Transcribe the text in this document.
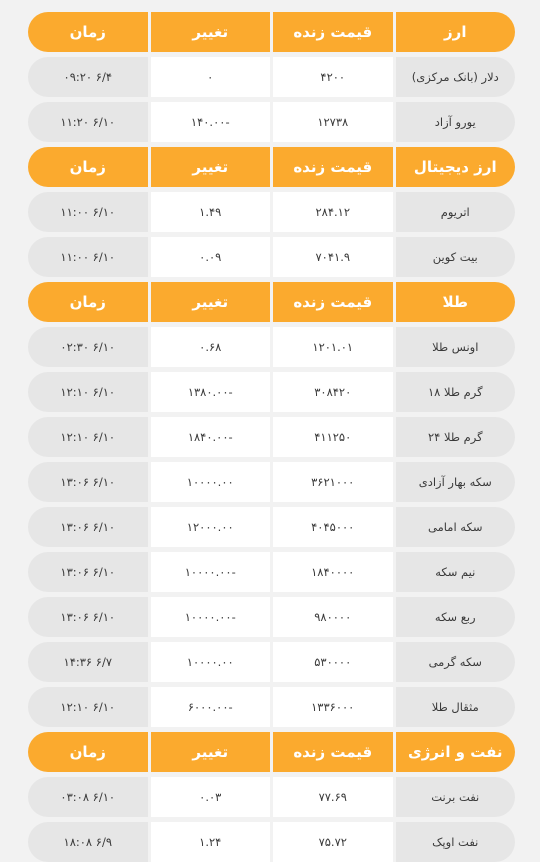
ارز
قیمت زنده
تغییر
زمان
دلار (بانک مرکزی)
۴۲۰۰
۰
۶/۴ ۰۹:۲۰
یورو آزاد
۱۲۷۳۸
-۱۴۰.۰۰
۶/۱۰ ۱۱:۲۰
ارز دیجیتال
قیمت زنده
تغییر
زمان
اتریوم
۲۸۴.۱۲
۱.۴۹
۶/۱۰ ۱۱:۰۰
بیت کوین
۷۰۴۱.۹
۰.۰۹
۶/۱۰ ۱۱:۰۰
طلا
قیمت زنده
تغییر
زمان
اونس طلا
۱۲۰۱.۰۱
۰.۶۸
۶/۱۰ ۰۲:۳۰
گرم طلا ۱۸
۳۰۸۴۲۰
-۱۳۸۰.۰۰
۶/۱۰ ۱۲:۱۰
گرم طلا ۲۴
۴۱۱۲۵۰
-۱۸۴۰.۰۰
۶/۱۰ ۱۲:۱۰
سکه بهار آزادی
۳۶۲۱۰۰۰
۱۰۰۰۰.۰۰
۶/۱۰ ۱۳:۰۶
سکه امامی
۴۰۴۵۰۰۰
۱۲۰۰۰.۰۰
۶/۱۰ ۱۳:۰۶
نیم سکه
۱۸۴۰۰۰۰
-۱۰۰۰۰.۰۰
۶/۱۰ ۱۳:۰۶
ربع سکه
۹۸۰۰۰۰
-۱۰۰۰۰.۰۰
۶/۱۰ ۱۳:۰۶
سکه گرمی
۵۳۰۰۰۰
۱۰۰۰۰.۰۰
۶/۷ ۱۴:۳۶
مثقال طلا
۱۳۳۶۰۰۰
-۶۰۰۰.۰۰
۶/۱۰ ۱۲:۱۰
نفت و انرژی
قیمت زنده
تغییر
زمان
نفت برنت
۷۷.۶۹
۰.۰۳
۶/۱۰ ۰۳:۰۸
نفت اوپک
۷۵.۷۲
۱.۲۴
۶/۹ ۱۸:۰۸
